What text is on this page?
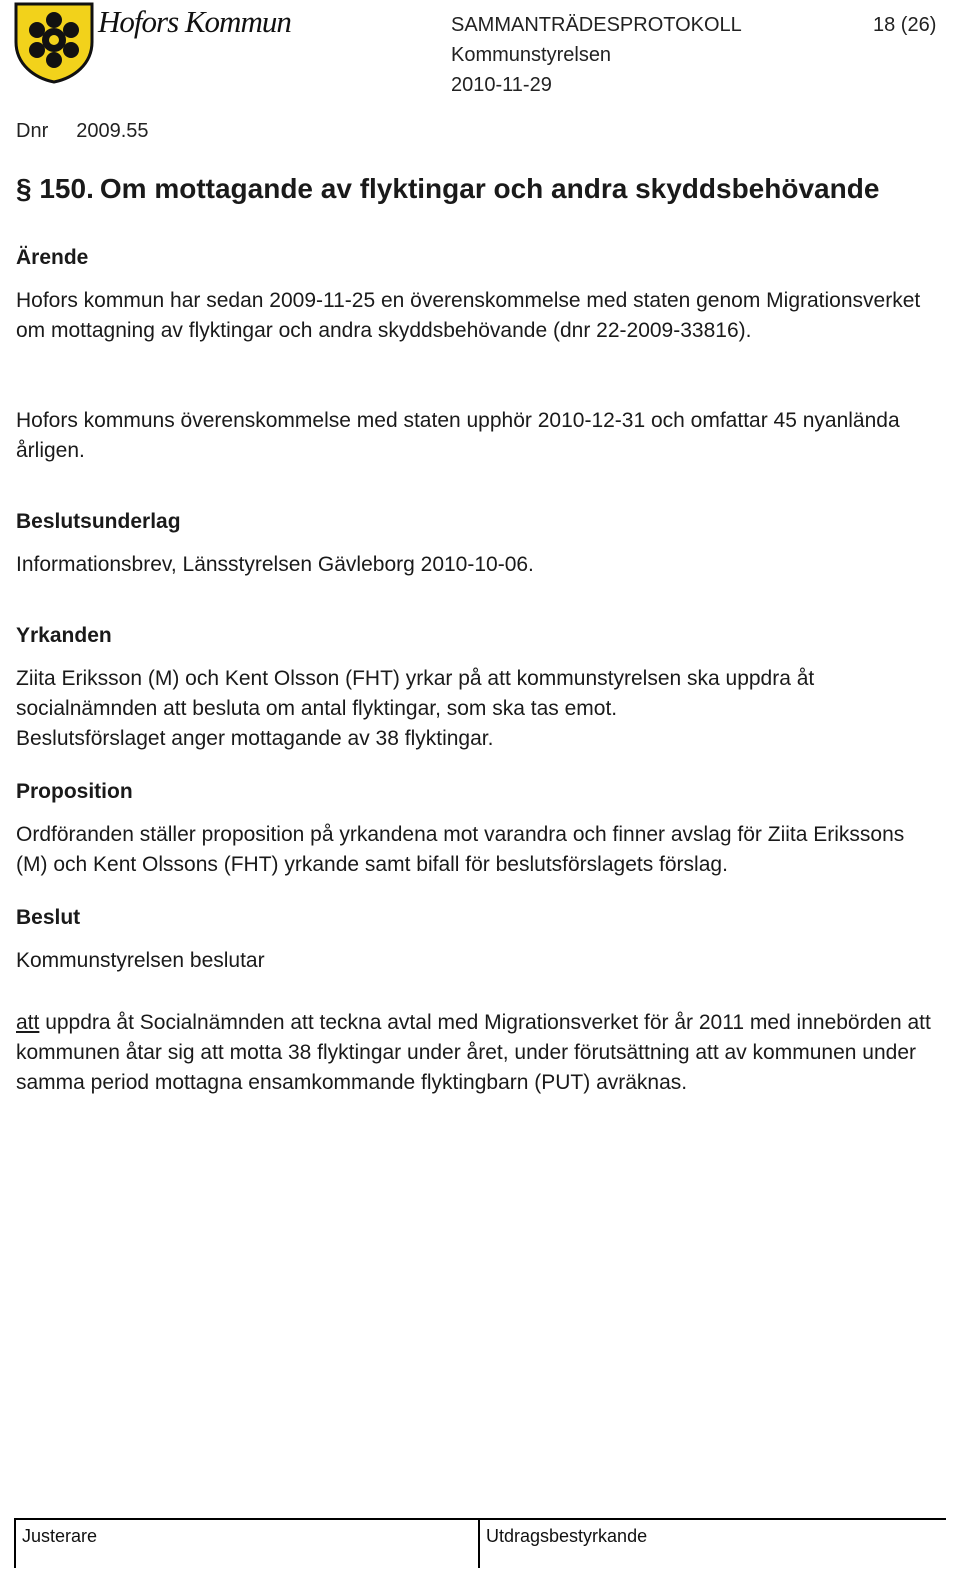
Hofors Kommun	SAMMANTRÄDESPROTOKOLL	18 (26)
Kommunstyrelsen
2010-11-29
Dnr 2009.55
§ 150. Om mottagande av flyktingar och andra skyddsbehövande
Ärende
Hofors kommun har sedan 2009-11-25 en överenskommelse med staten genom Migrationsverket om mottagning av flyktingar och andra skyddsbehövande (dnr 22-2009-33816).
Hofors kommuns överenskommelse med staten upphör 2010-12-31 och omfattar 45 nyanlända årligen.
Beslutsunderlag
Informationsbrev, Länsstyrelsen Gävleborg 2010-10-06.
Yrkanden
Ziita Eriksson (M) och Kent Olsson (FHT) yrkar på att kommunstyrelsen ska uppdra åt socialnämnden att besluta om antal flyktingar, som ska tas emot.
Beslutsförslaget anger mottagande av 38 flyktingar.
Proposition
Ordföranden ställer proposition på yrkandena mot varandra och finner avslag för Ziita Erikssons (M) och Kent Olssons (FHT) yrkande samt bifall för beslutsförslagets förslag.
Beslut
Kommunstyrelsen beslutar
att uppdra åt Socialnämnden att teckna avtal med Migrationsverket för år 2011 med innebörden att kommunen åtar sig att motta 38 flyktingar under året, under förutsättning att av kommunen under samma period mottagna ensamkommande flyktingbarn (PUT) avräknas.
Justerare	Utdragsbestyrkande
